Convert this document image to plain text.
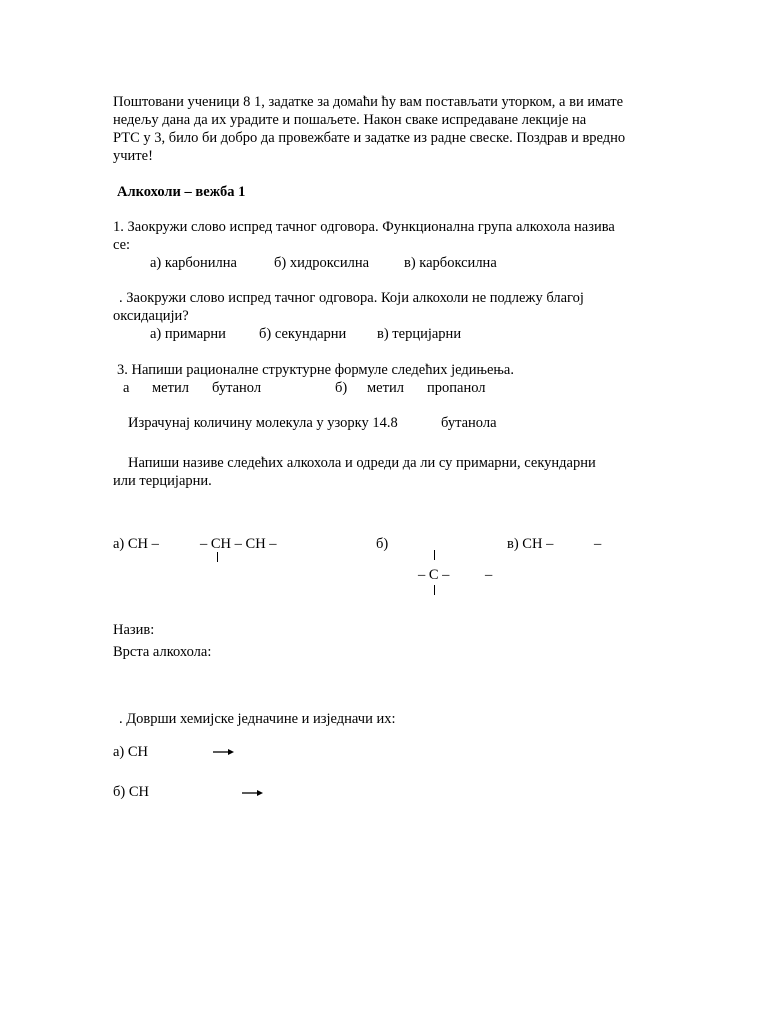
Поштовани ученици 8 1, задатке за домаћи ћу вам постављати уторком, а ви имате
недељу дана да их урадите и пошаљете. Након сваке испредаване лекције на
РТС у 3, било би добро да провежбате и задатке из радне свеске. Поздрав и вредно
учите!
Алкохоли – вежба 1
1. Заокружи слово испред тачног одговора. Функционална група алкохола назива
се:
а) карбонилна	б) хидроксилна в) карбоксилна
. Заокружи слово испред тачног одговора. Који алкохоли не подлежу благој
оксидацији?
а) примарни б) секундарни в) терцијарни
3. Напиши рационалне структурне формуле следећих једињења.
а метил бутанол	б) метил пропанол
Израчунај количину молекула у узорку 14.8	бутанола
Напиши називе следећих алкохола и одреди да ли су примарни, секундарни
или терцијарни.
а) CH –	– CH – CH –	б)
– C – –
в) CH –	–
Назив:
Врста алкохола:
. Доврши хемијске једначине и изједначи их:
а) CH
б) CH
